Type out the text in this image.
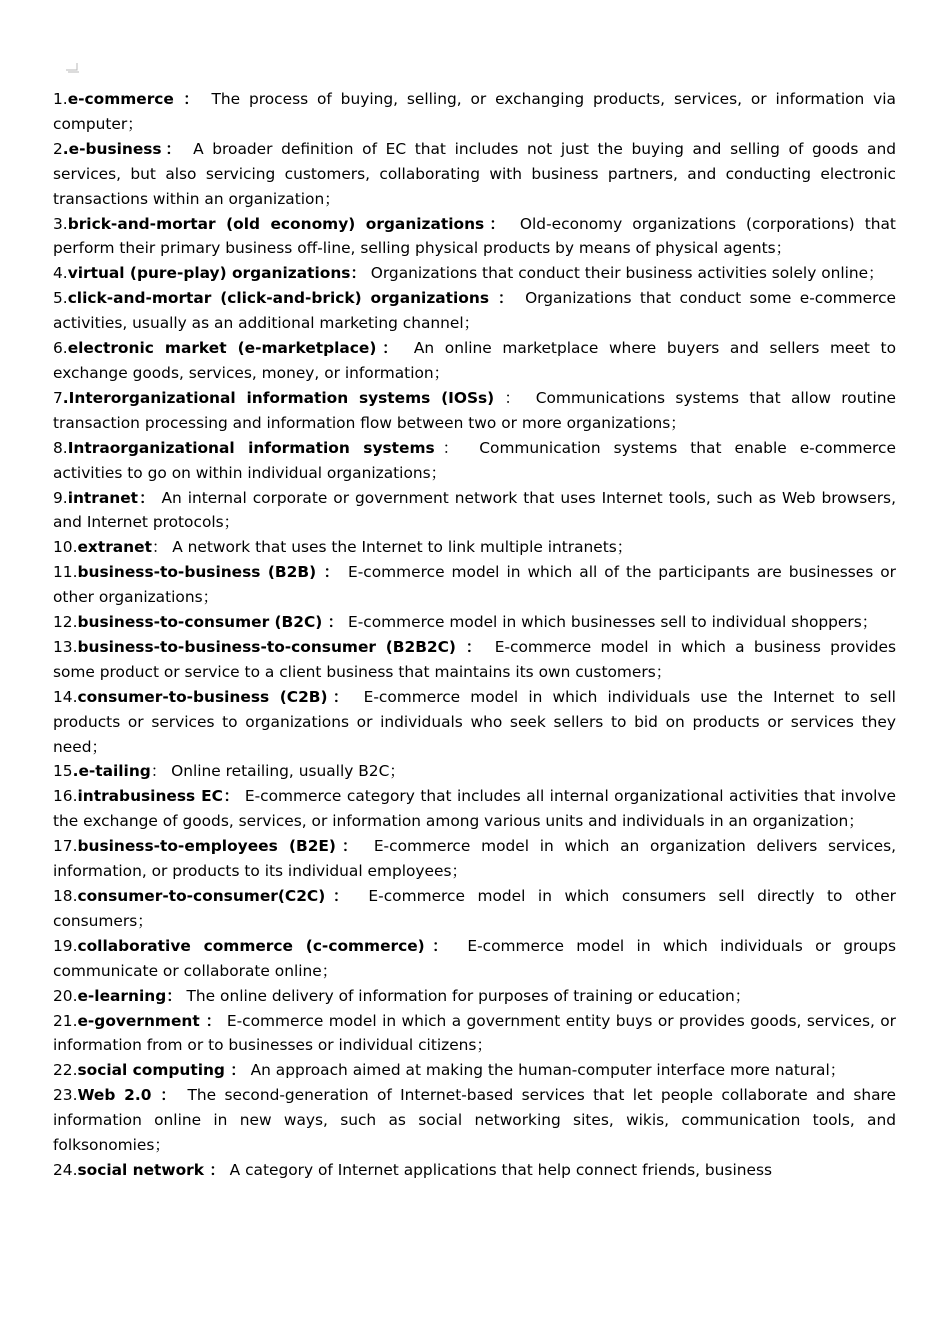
1.e-commerce ： The process of buying, selling, or exchanging products, services, or information via computer；

2.e-business： A broader definition of EC that includes not just the buying and selling of goods and services, but also servicing customers, collaborating with business partners, and conducting electronic transactions within an organization；

3.brick-and-mortar (old economy) organizations： Old-economy organizations (corporations) that perform their primary business off-line, selling physical products by means of physical agents；

4.virtual (pure-play) organizations： Organizations that conduct their business activities solely online；

5.click-and-mortar (click-and-brick) organizations ： Organizations that conduct some e-commerce activities, usually as an additional marketing channel；

6.electronic market (e-marketplace)： An online marketplace where buyers and sellers meet to exchange goods, services, money, or information；

7.Interorganizational information systems (IOSs) ： Communications systems that allow routine transaction processing and information flow between two or more organizations；

8.Intraorganizational information systems： Communication systems that enable e-commerce activities to go on within individual organizations；

9.intranet： An internal corporate or government network that uses Internet tools, such as Web browsers, and Internet protocols；

10.extranet： A network that uses the Internet to link multiple intranets；

11.business-to-business (B2B) ： E-commerce model in which all of the participants are businesses or other organizations；

12.business-to-consumer (B2C) ： E-commerce model in which businesses sell to individual shoppers；

13.business-to-business-to-consumer (B2B2C) ： E-commerce model in which a business provides some product or service to a client business that maintains its own customers；

14.consumer-to-business (C2B)： E-commerce model in which individuals use the Internet to sell products or services to organizations or individuals who seek sellers to bid on products or services they need；

15.e-tailing： Online retailing, usually B2C；

16.intrabusiness EC： E-commerce category that includes all internal organizational activities that involve the exchange of goods, services, or information among various units and individuals in an organization；

17.business-to-employees (B2E)： E-commerce model in which an organization delivers services, information, or products to its individual employees；

18.consumer-to-consumer(C2C)： E-commerce model in which consumers sell directly to other consumers；

19.collaborative commerce (c-commerce)： E-commerce model in which individuals or groups communicate or collaborate online；

20.e-learning： The online delivery of information for purposes of training or education；

21.e-government ： E-commerce model in which a government entity buys or provides goods, services, or information from or to businesses or individual citizens；

22.social computing ： An approach aimed at making the human-computer interface more natural；

23.Web 2.0 ： The second-generation of Internet-based services that let people collaborate and share information online in new ways, such as social networking sites, wikis, communication tools, and folksonomies；

24.social network ： A category of Internet applications that help connect friends, business
